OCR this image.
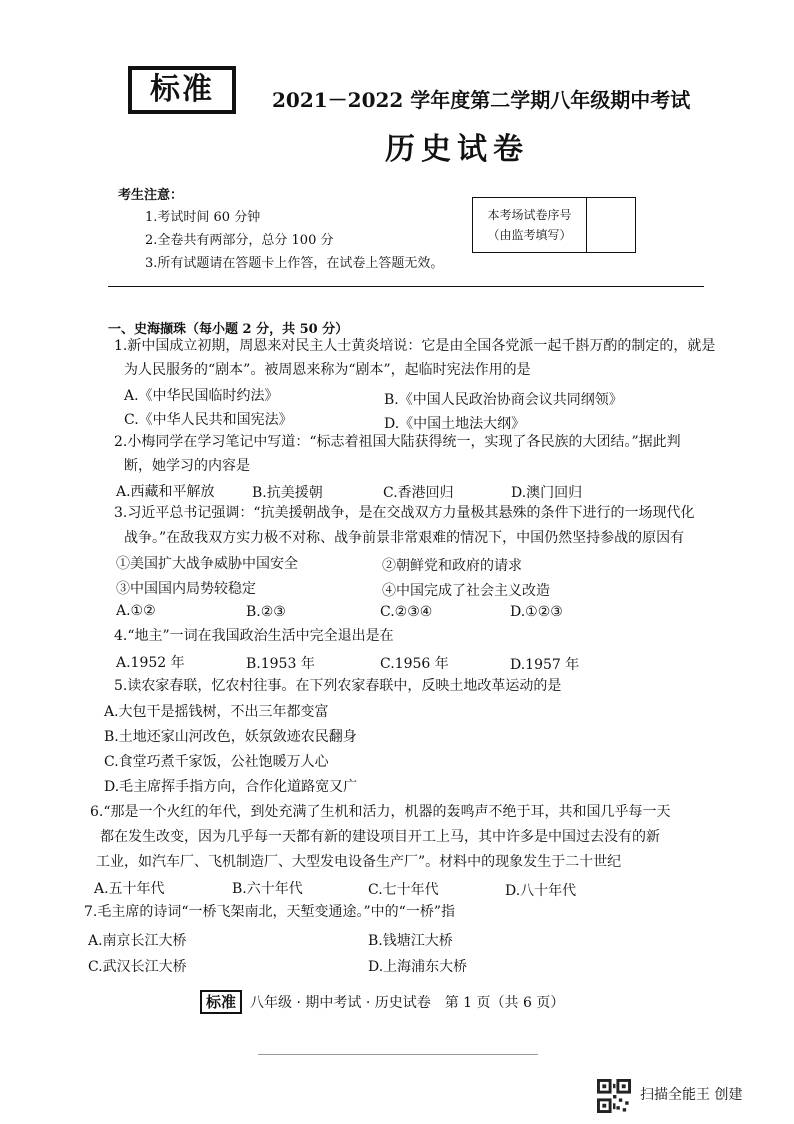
标准	2021－2022 学年度第二学期八年级期中考试
历史试卷
考生注意：
1.考试时间 60 分钟
2.全卷共有两部分，总分 100 分
3.所有试题请在答题卡上作答，在试卷上答题无效。
本考场试卷序号
（由监考填写）
一、史海撷珠（每小题 2 分，共 50 分）
1.新中国成立初期，周恩来对民主人士黄炎培说：它是由全国各党派一起千斟万酌的制定的，就是
为人民服务的“剧本”。被周恩来称为“剧本”，起临时宪法作用的是
A.《中华民国临时约法》	B.《中国人民政治协商会议共同纲领》
C.《中华人民共和国宪法》	D.《中国土地法大纲》
2.小梅同学在学习笔记中写道：“标志着祖国大陆获得统一，实现了各民族的大团结。”据此判
断，她学习的内容是
A.西藏和平解放	B.抗美援朝	C.香港回归	D.澳门回归
3.习近平总书记强调：“抗美援朝战争，是在交战双方力量极其悬殊的条件下进行的一场现代化
战争。”在敌我双方实力极不对称、战争前景非常艰难的情况下，中国仍然坚持参战的原因有
①美国扩大战争威胁中国安全	②朝鲜党和政府的请求
③中国国内局势较稳定	④中国完成了社会主义改造
A.①②	B.②③	C.②③④	D.①②③
4.“地主”一词在我国政治生活中完全退出是在
A.1952 年	B.1953 年	C.1956 年	D.1957 年
5.读农家春联，忆农村往事。在下列农家春联中，反映土地改革运动的是
A.大包干是摇钱树，不出三年都变富
B.土地还家山河改色，妖氛敛迹农民翻身
C.食堂巧煮千家饭，公社饱暖万人心
D.毛主席挥手指方向，合作化道路宽又广
6.“那是一个火红的年代，到处充满了生机和活力，机器的轰鸣声不绝于耳，共和国几乎每一天
都在发生改变，因为几乎每一天都有新的建设项目开工上马，其中许多是中国过去没有的新
工业，如汽车厂、飞机制造厂、大型发电设备生产厂”。材料中的现象发生于二十世纪
A.五十年代	B.六十年代	C.七十年代	D.八十年代
7.毛主席的诗词“一桥飞架南北，天堑变通途。”中的“一桥”指
A.南京长江大桥	B.钱塘江大桥
C.武汉长江大桥	D.上海浦东大桥
标准	八年级 · 期中考试 · 历史试卷　第 1 页（共 6 页）
扫描全能王 创建
